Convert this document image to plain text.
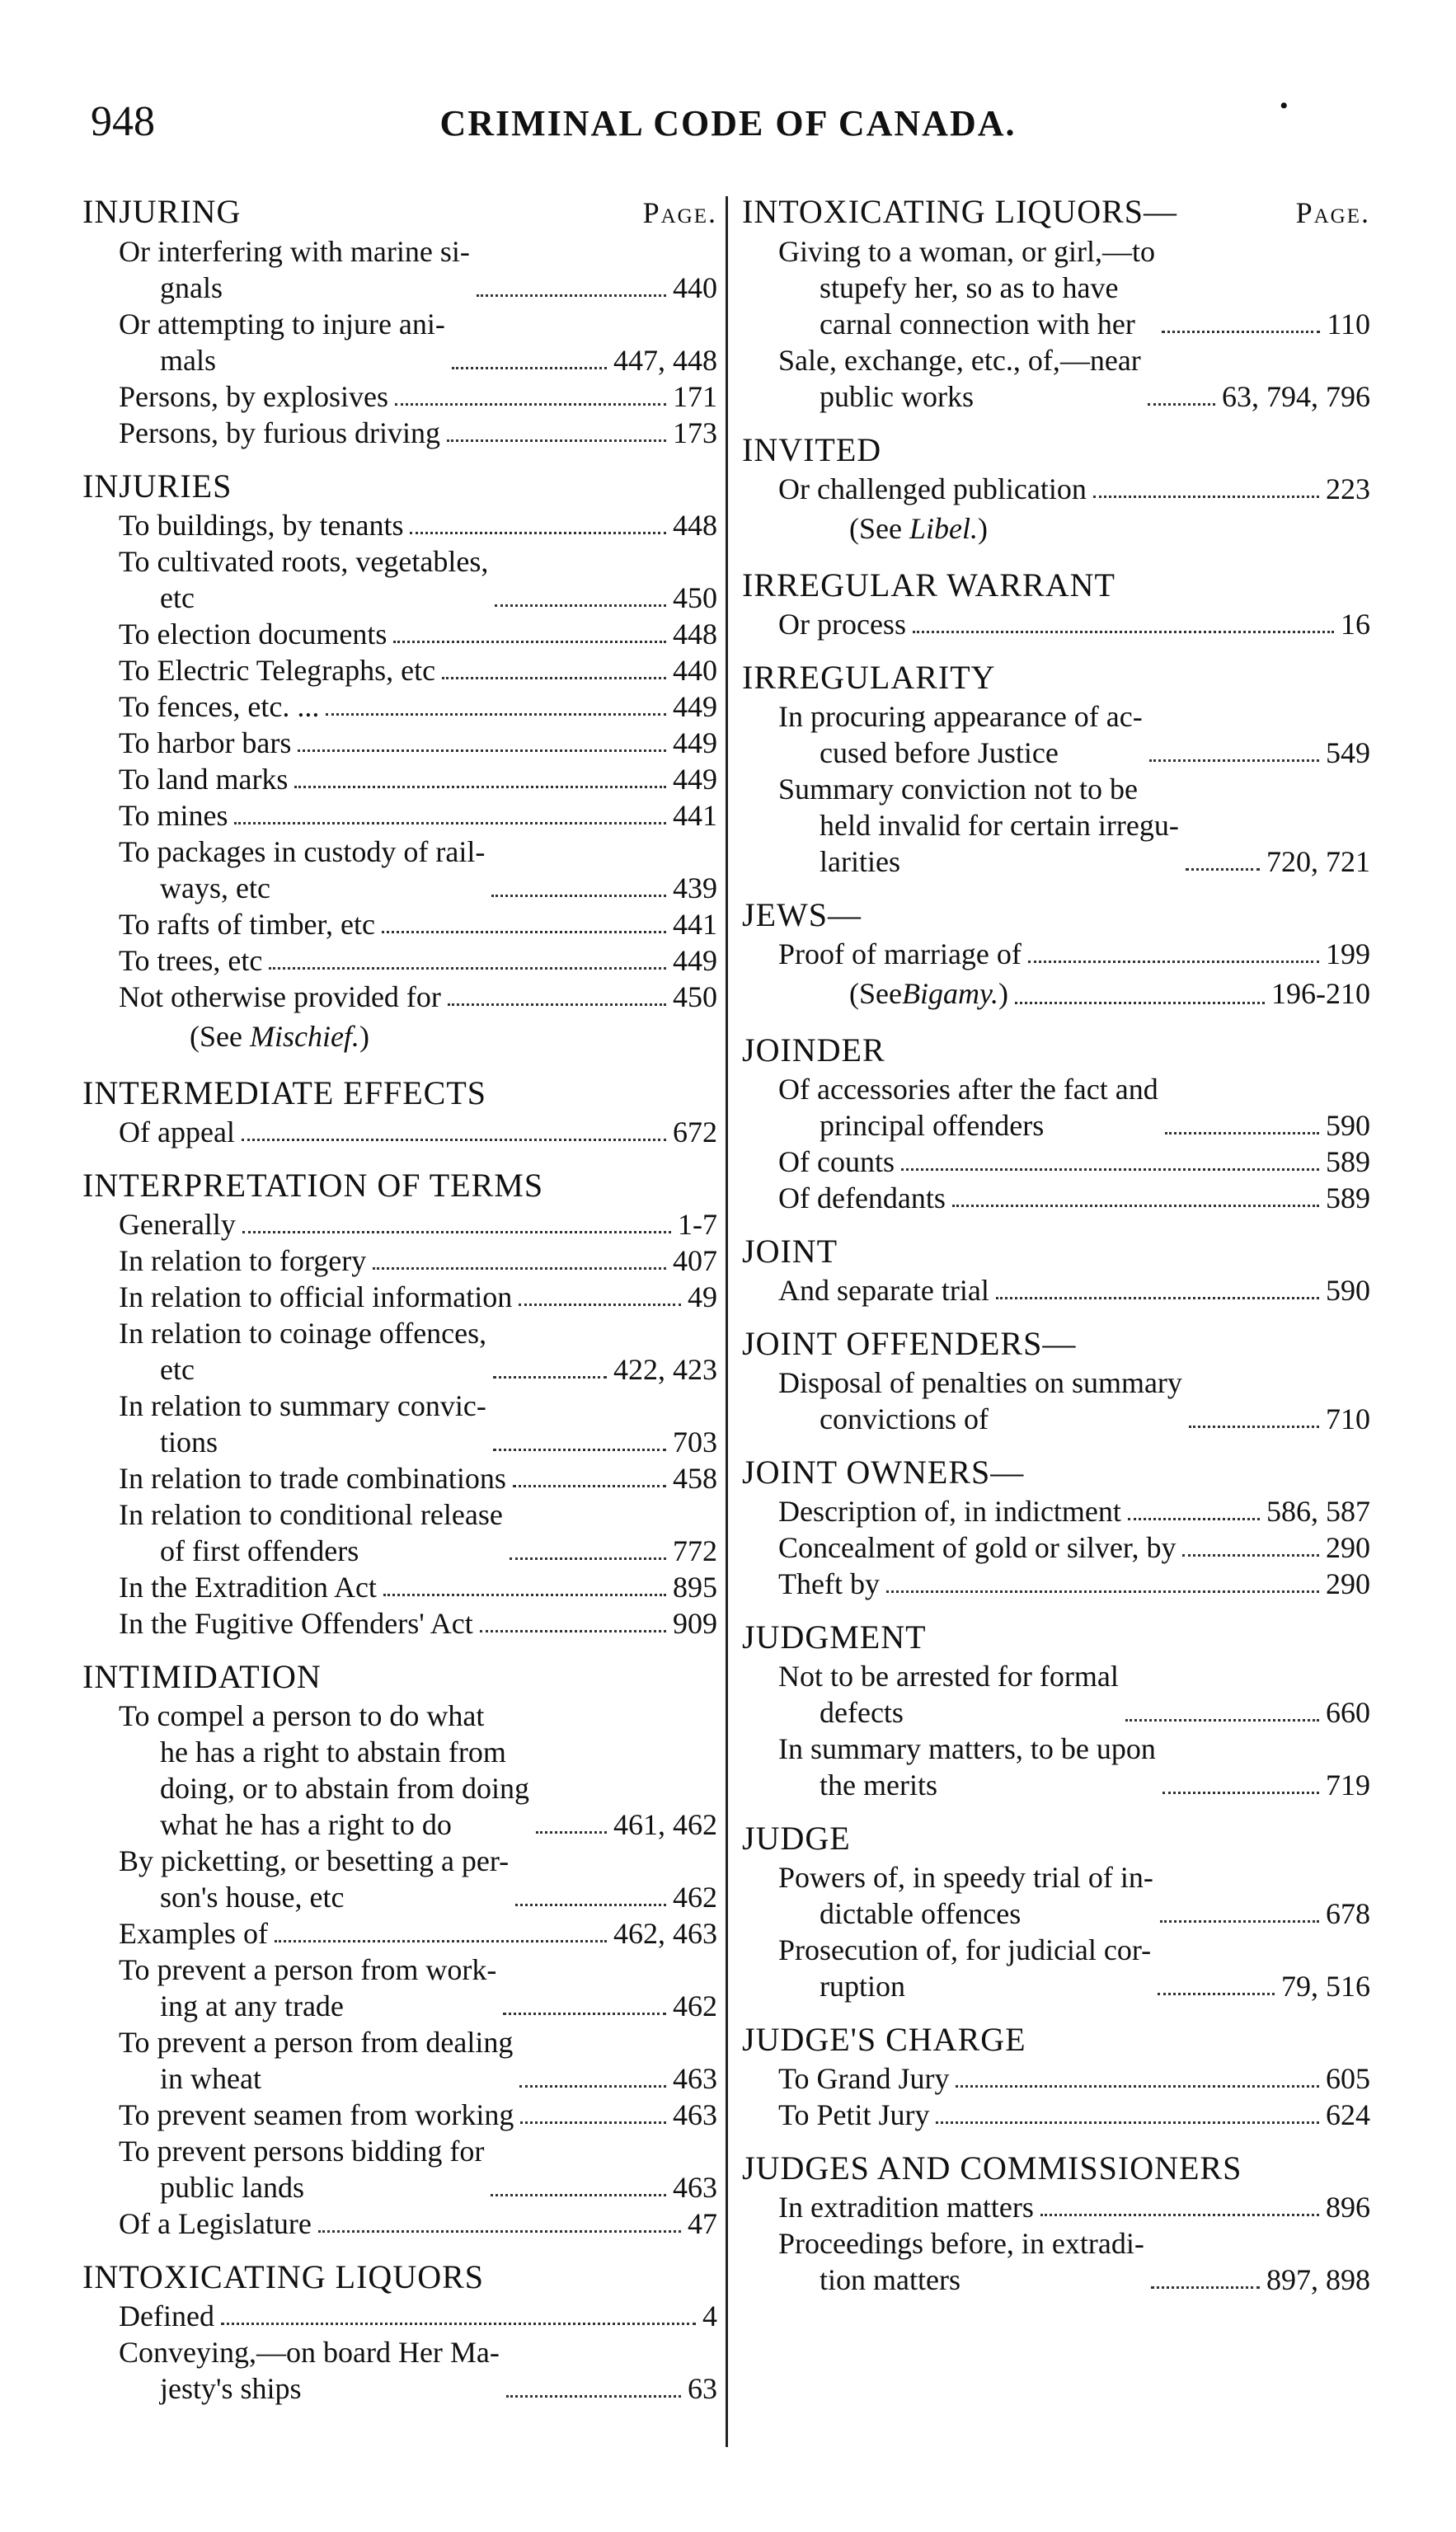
948	CRIMINAL CODE OF CANADA.	•
INJURING	Page.
Or interfering with marine si-
gnals	440
Or attempting to injure ani-
mals	447, 448
Persons, by explosives	171
Persons, by furious driving	173
INJURIES
To buildings, by tenants	448
To cultivated roots, vegetables,
etc	450
To election documents	448
To Electric Telegraphs, etc	440
To fences, etc. ...	449
To harbor bars	449
To land marks	449
To mines	441
To packages in custody of rail-
ways, etc	439
To rafts of timber, etc	441
To trees, etc	449
Not otherwise provided for	450
(See Mischief.)
INTERMEDIATE EFFECTS
Of appeal	672
INTERPRETATION OF TERMS
Generally	1-7
In relation to forgery	407
In relation to official information	49
In relation to coinage offences,
etc	422, 423
In relation to summary convic-
tions	703
In relation to trade combinations	458
In relation to conditional release
of first offenders	772
In the Extradition Act	895
In the Fugitive Offenders' Act	909
INTIMIDATION
To compel a person to do what
he has a right to abstain from
doing, or to abstain from doing
what he has a right to do	461, 462
By picketting, or besetting a per-
son's house, etc	462
Examples of	462, 463
To prevent a person from work-
ing at any trade	462
To prevent a person from dealing
in wheat	463
To prevent seamen from working	463
To prevent persons bidding for
public lands	463
Of a Legislature	47
INTOXICATING LIQUORS
Defined	4
Conveying,—on board Her Ma-
jesty's ships	63
INTOXICATING LIQUORS—	Page.
Giving to a woman, or girl,—to
stupefy her, so as to have
carnal connection with her	110
Sale, exchange, etc., of,—near
public works	63, 794, 796
INVITED
Or challenged publication	223
(See Libel.)
IRREGULAR WARRANT
Or process	16
IRREGULARITY
In procuring appearance of ac-
cused before Justice	549
Summary conviction not to be
held invalid for certain irregu-
larities	720, 721
JEWS—
Proof of marriage of	199
(See Bigamy. )	196-210
JOINDER
Of accessories after the fact and
principal offenders	590
Of counts	589
Of defendants	589
JOINT
And separate trial	590
JOINT OFFENDERS—
Disposal of penalties on summary
convictions of	710
JOINT OWNERS—
Description of, in indictment	586, 587
Concealment of gold or silver, by	290
Theft by	290
JUDGMENT
Not to be arrested for formal
defects	660
In summary matters, to be upon
the merits	719
JUDGE
Powers of, in speedy trial of in-
dictable offences	678
Prosecution of, for judicial cor-
ruption	79, 516
JUDGE'S CHARGE
To Grand Jury	605
To Petit Jury	624
JUDGES AND COMMISSIONERS
In extradition matters	896
Proceedings before, in extradi-
tion matters	897, 898
